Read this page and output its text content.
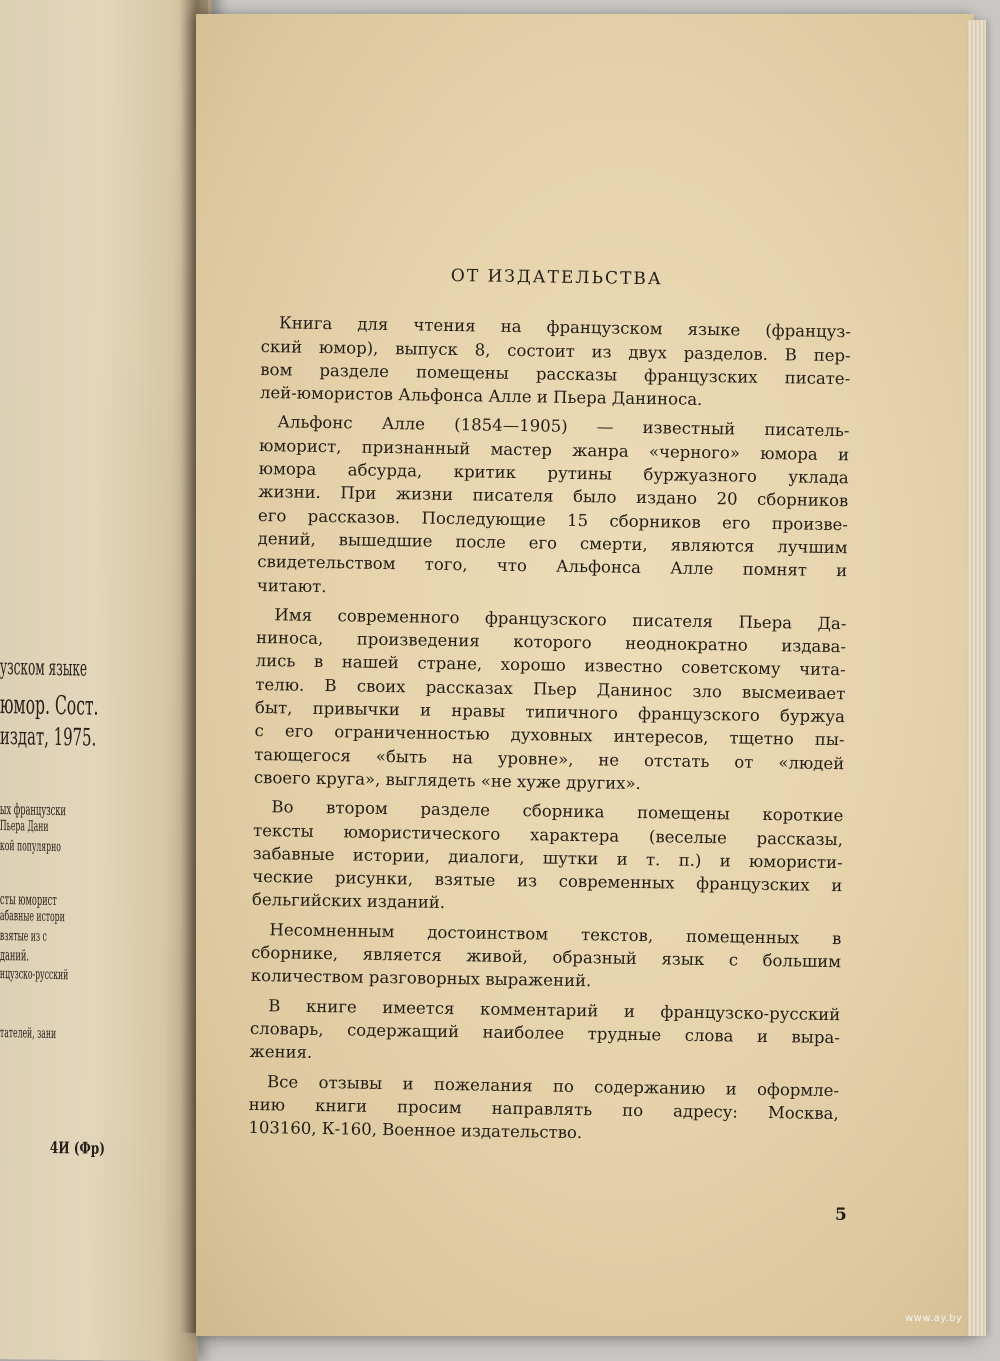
узском языке
юмор. Сост.
издат, 1975.
ых французски
Пьера Дани
кой популярно
сты юморист
абавные истори
взятые из с
даний.
нцузско-русский
тателей, зани
4И (Фр)
ОТ ИЗДАТЕЛЬСТВА
Книга для чтения на французском языке (француз-
ский юмор), выпуск 8, состоит из двух разделов. В пер-
вом разделе помещены рассказы французских писате-
лей-юмористов Альфонса Алле и Пьера Даниноса.
Альфонс Алле (1854—1905) — известный писатель-
юморист, признанный мастер жанра «черного» юмора и
юмора абсурда, критик рутины буржуазного уклада
жизни. При жизни писателя было издано 20 сборников
его рассказов. Последующие 15 сборников его произве-
дений, вышедшие после его смерти, являются лучшим
свидетельством того, что Альфонса Алле помнят и
читают.
Имя современного французского писателя Пьера Да-
ниноса, произведения которого неоднократно издава-
лись в нашей стране, хорошо известно советскому чита-
телю. В своих рассказах Пьер Даниноc зло высмеивает
быт, привычки и нравы типичного французского буржуа
с его ограниченностью духовных интересов, тщетно пы-
тающегося «быть на уровне», не отстать от «людей
своего круга», выглядеть «не хуже других».
Во втором разделе сборника помещены короткие
тексты юмористического характера (веселые рассказы,
забавные истории, диалоги, шутки и т. п.) и юмористи-
ческие рисунки, взятые из современных французских и
бельгийских изданий.
Несомненным достоинством текстов, помещенных в
сборнике, является живой, образный язык с большим
количеством разговорных выражений.
В книге имеется комментарий и французско-русский
словарь, содержащий наиболее трудные слова и выра-
жения.
Все отзывы и пожелания по содержанию и оформле-
нию книги просим направлять по адресу: Москва,
103160, К-160, Военное издательство.
5
www.ay.by
